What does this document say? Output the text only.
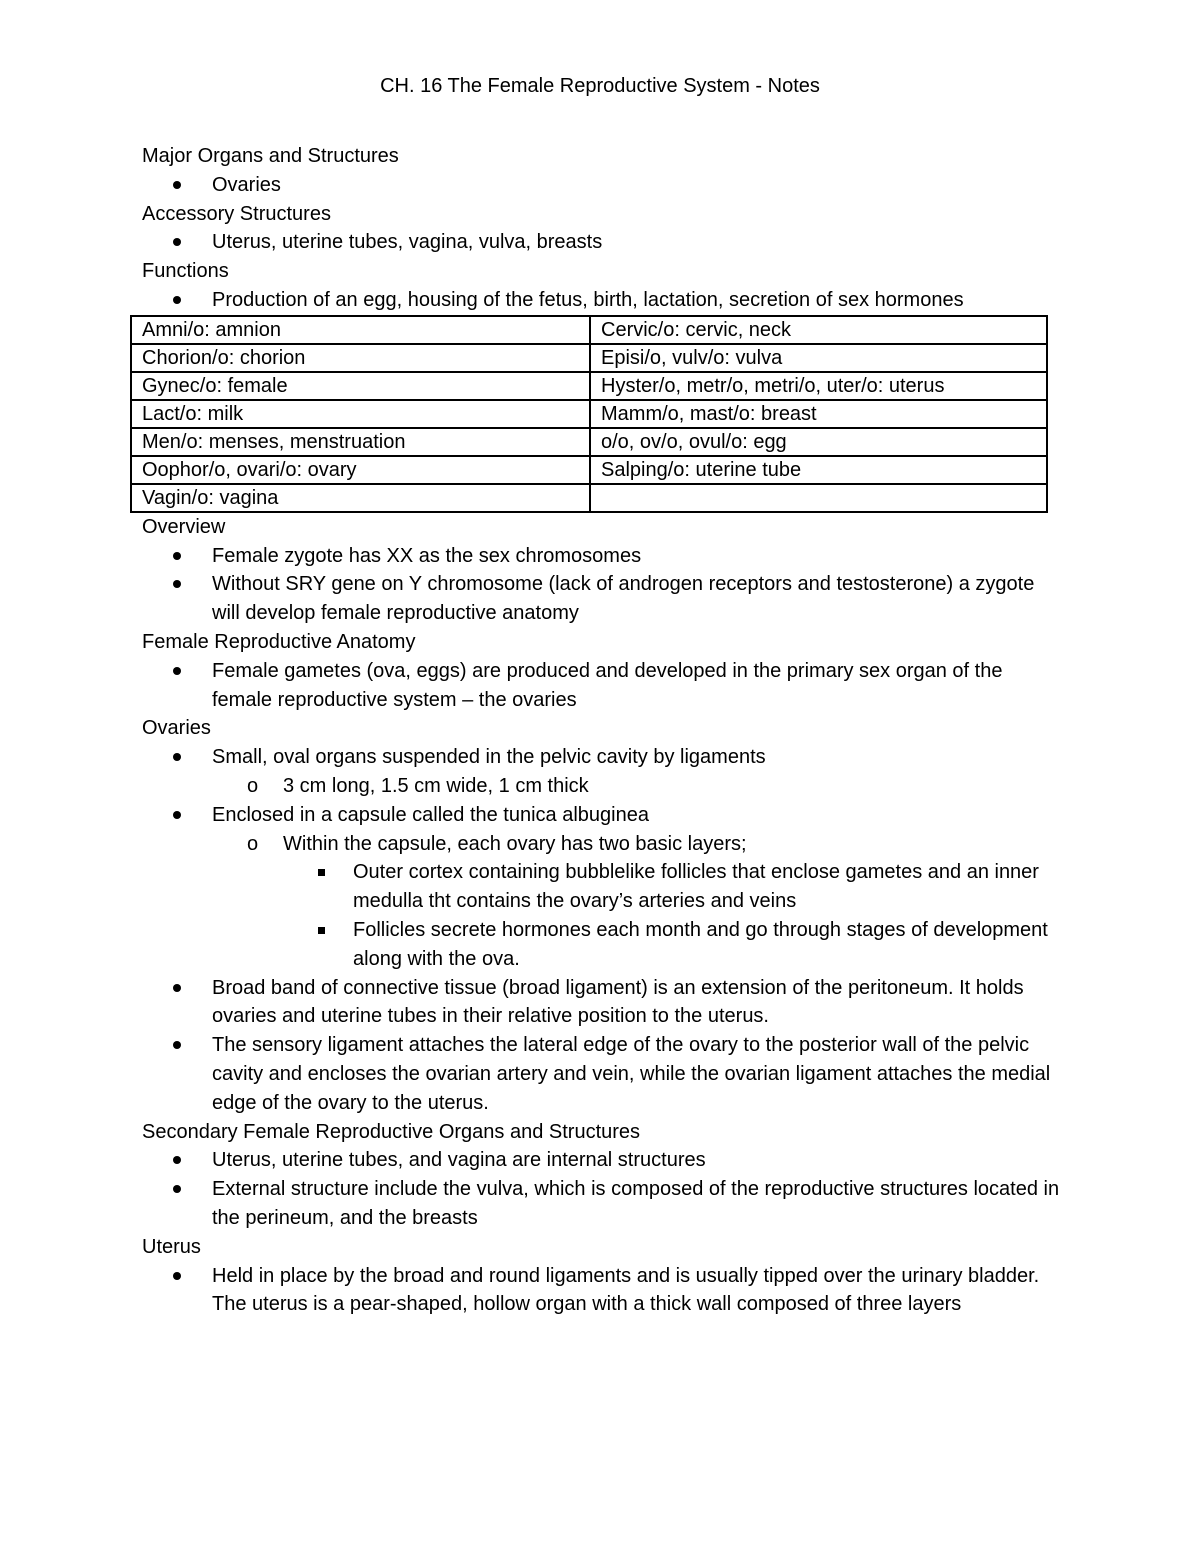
CH. 16 The Female Reproductive System - Notes

Major Organs and Structures

Ovaries

Accessory Structures

Uterus, uterine tubes, vagina, vulva, breasts

Functions

Production of an egg, housing of the fetus, birth, lactation, secretion of sex hormones
Amni/o: amnion	Cervic/o: cervic, neck
Chorion/o: chorion	Episi/o, vulv/o: vulva
Gynec/o: female	Hyster/o, metr/o, metri/o, uter/o: uterus
Lact/o: milk	Mamm/o, mast/o: breast
Men/o: menses, menstruation	o/o, ov/o, ovul/o: egg
Oophor/o, ovari/o: ovary	Salping/o: uterine tube
Vagin/o: vagina	

Overview

Female zygote has XX as the sex chromosomes
Without SRY gene on Y chromosome (lack of androgen receptors and testosterone) a zygote will develop female reproductive anatomy

Female Reproductive Anatomy

Female gametes (ova, eggs) are produced and developed in the primary sex organ of the female reproductive system – the ovaries

Ovaries

Small, oval organs suspended in the pelvic cavity by ligaments
o 3 cm long, 1.5 cm wide, 1 cm thick
Enclosed in a capsule called the tunica albuginea
o Within the capsule, each ovary has two basic layers;
Outer cortex containing bubblelike follicles that enclose gametes and an inner medulla tht contains the ovary’s arteries and veins
Follicles secrete hormones each month and go through stages of development along with the ova.
Broad band of connective tissue (broad ligament) is an extension of the peritoneum. It holds ovaries and uterine tubes in their relative position to the uterus.
The sensory ligament attaches the lateral edge of the ovary to the posterior wall of the pelvic cavity and encloses the ovarian artery and vein, while the ovarian ligament attaches the medial edge of the ovary to the uterus.

Secondary Female Reproductive Organs and Structures

Uterus, uterine tubes, and vagina are internal structures
External structure include the vulva, which is composed of the reproductive structures located in the perineum, and the breasts

Uterus

Held in place by the broad and round ligaments and is usually tipped over the urinary bladder. The uterus is a pear-shaped, hollow organ with a thick wall composed of three layers
